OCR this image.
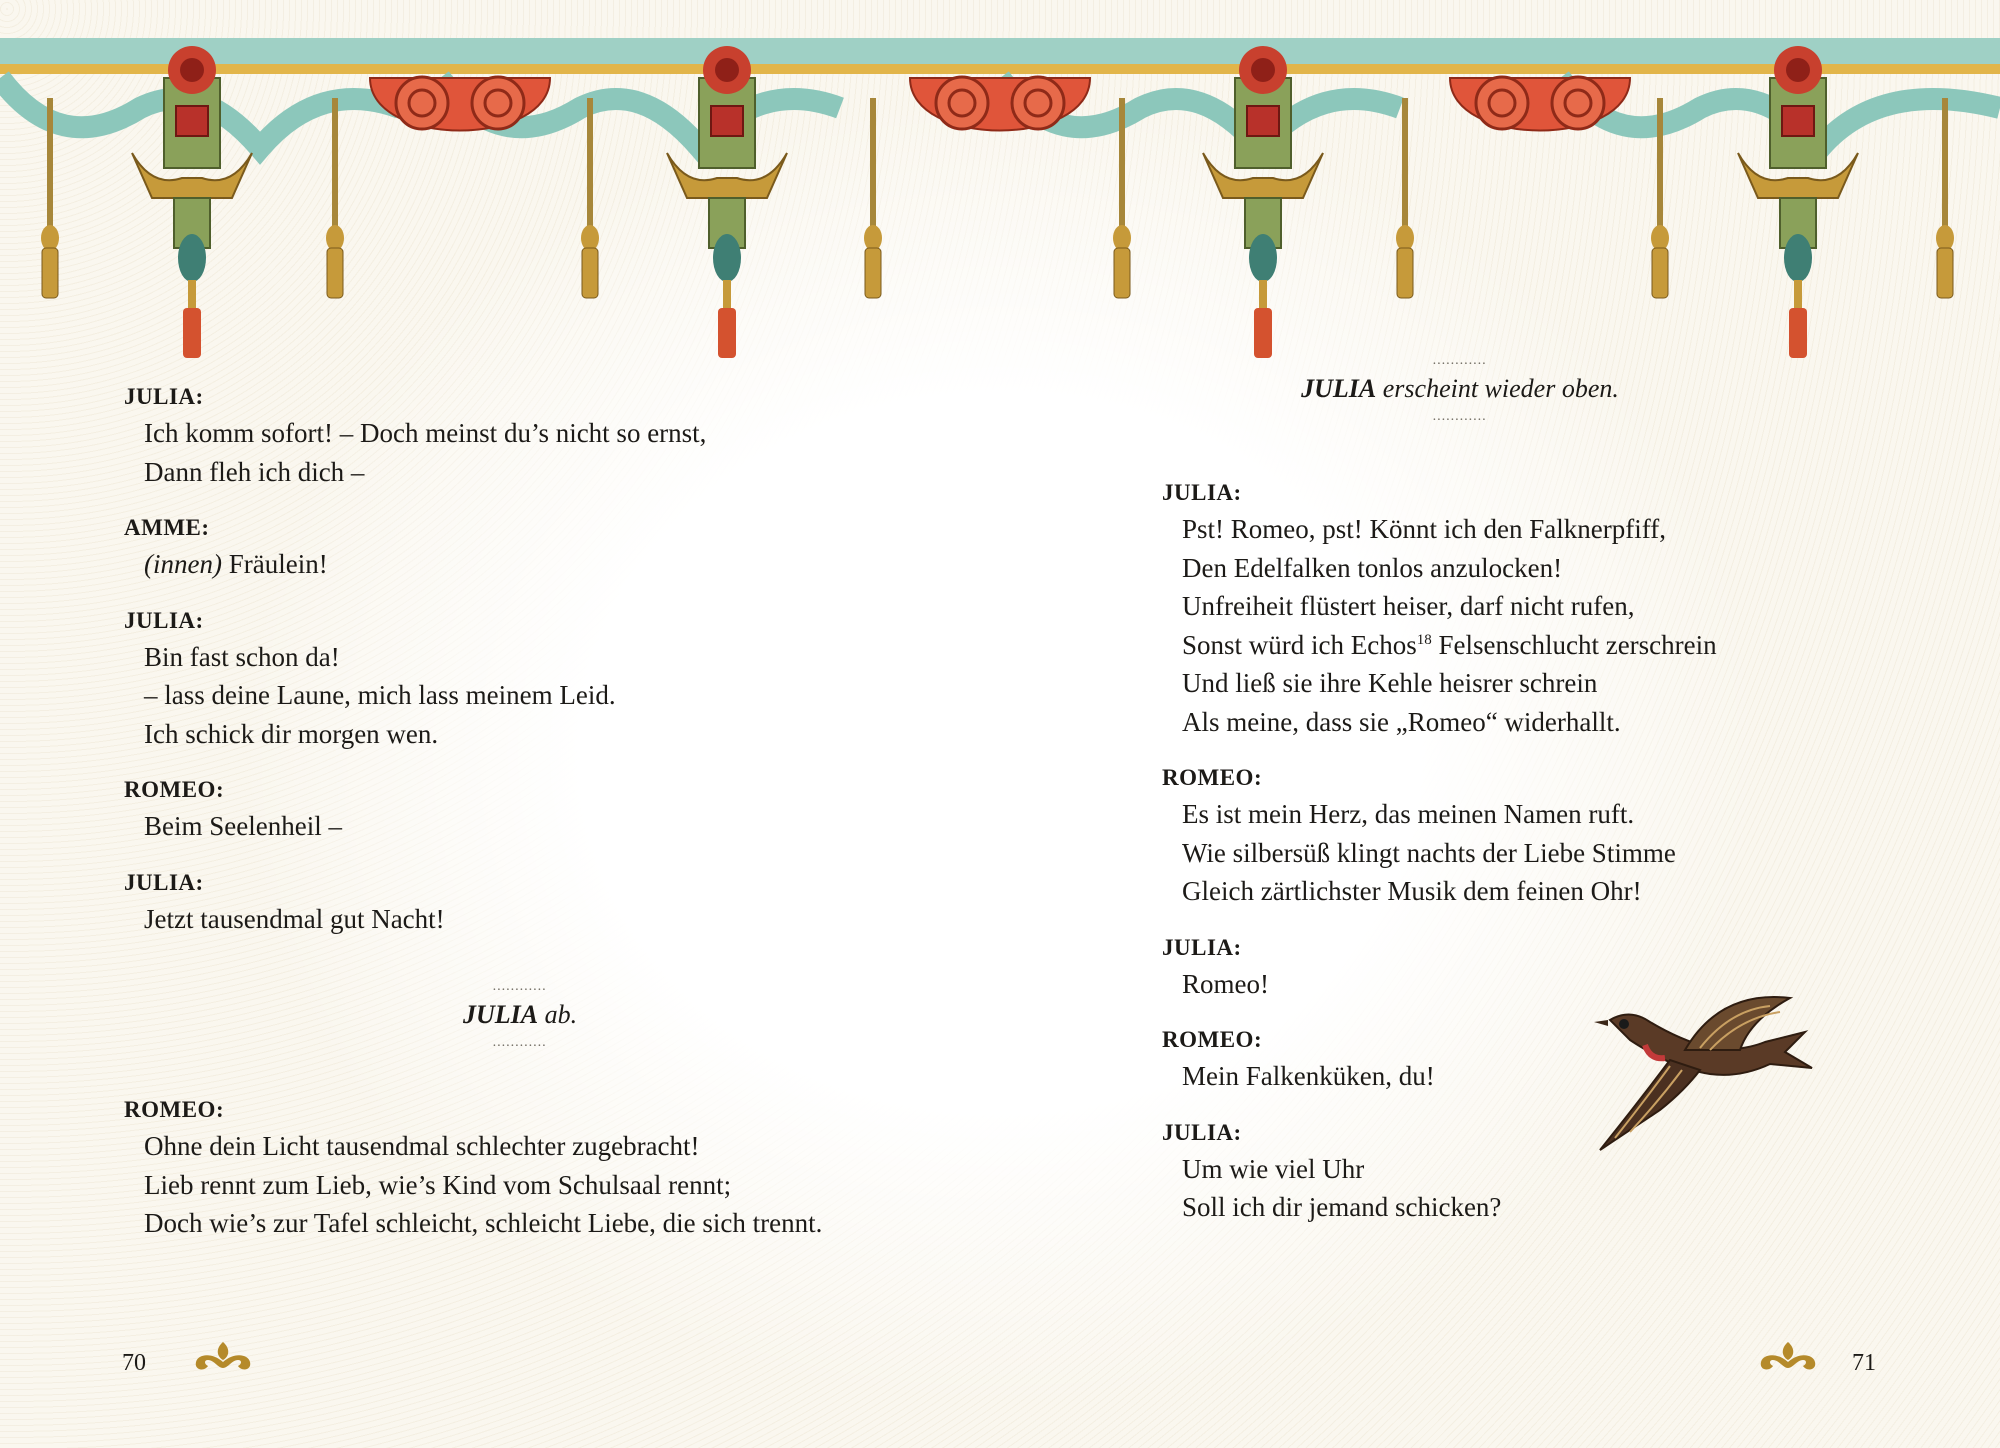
JULIA:
Ich komm sofort! – Doch meinst du’s nicht so ernst,
Dann fleh ich dich –
AMME:
(innen) Fräulein!
JULIA:
Bin fast schon da!
– lass deine Laune, mich lass meinem Leid.
Ich schick dir morgen wen.
ROMEO:
Beim Seelenheil –
JULIA:
Jetzt tausendmal gut Nacht!
............
JULIA ab.
............
ROMEO:
Ohne dein Licht tausendmal schlechter zugebracht!
Lieb rennt zum Lieb, wie’s Kind vom Schulsaal rennt;
Doch wie’s zur Tafel schleicht, schleicht Liebe, die sich trennt.
70
............
JULIA erscheint wieder oben.
............
JULIA:
Pst! Romeo, pst! Könnt ich den Falknerpfiff,
Den Edelfalken tonlos anzulocken!
Unfreiheit flüstert heiser, darf nicht rufen,
Sonst würd ich Echos$^{18}$ Felsenschlucht zerschrein
Und ließ sie ihre Kehle heisrer schrein
Als meine, dass sie „Romeo“ widerhallt.
ROMEO:
Es ist mein Herz, das meinen Namen ruft.
Wie silbersüß klingt nachts der Liebe Stimme
Gleich zärtlichster Musik dem feinen Ohr!
JULIA:
Romeo!
ROMEO:
Mein Falkenküken, du!
JULIA:
Um wie viel Uhr
Soll ich dir jemand schicken?
71
